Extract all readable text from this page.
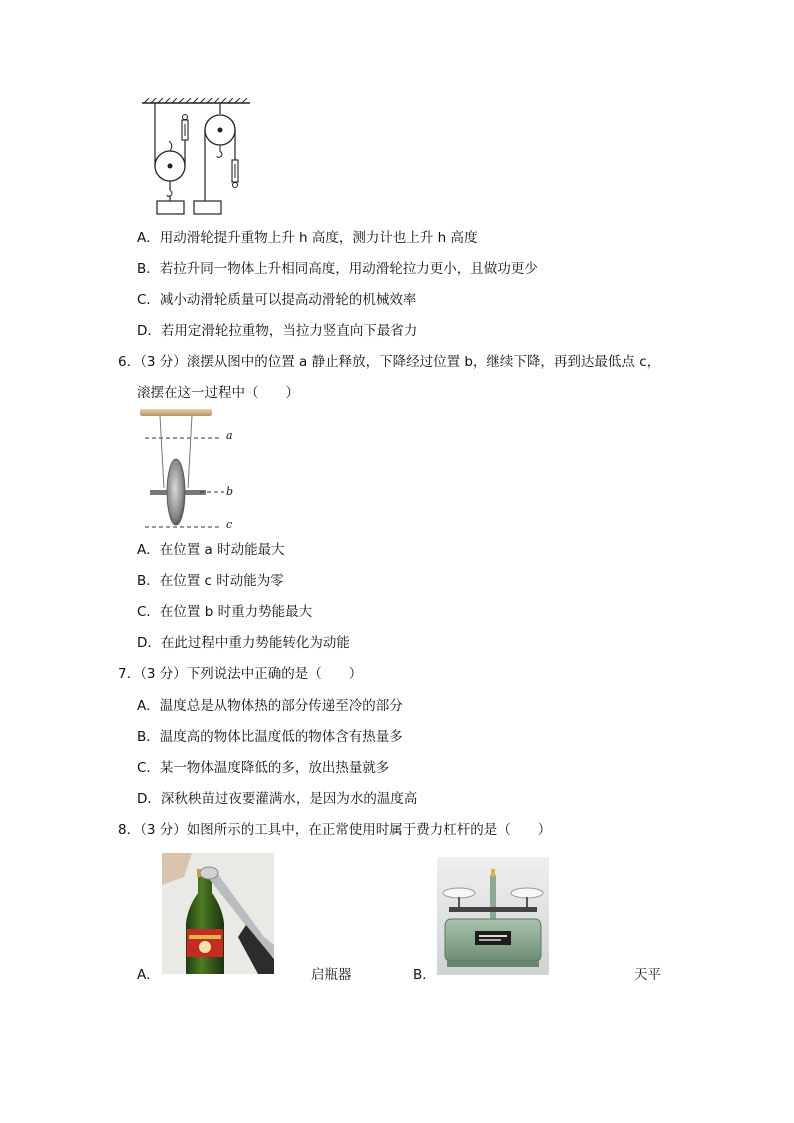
A．用动滑轮提升重物上升 h 高度，测力计也上升 h 高度
B．若拉升同一物体上升相同高度，用动滑轮拉力更小，且做功更少
C．减小动滑轮质量可以提高动滑轮的机械效率
D．若用定滑轮拉重物，当拉力竖直向下最省力
6．（3 分）滚摆从图中的位置 a 静止释放，下降经过位置 b，继续下降，再到达最低点 c，
滚摆在这一过程中（　　）
a
b
c
A．在位置 a 时动能最大
B．在位置 c 时动能为零
C．在位置 b 时重力势能最大
D．在此过程中重力势能转化为动能
7．（3 分）下列说法中正确的是（　　）
A．温度总是从物体热的部分传递至冷的部分
B．温度高的物体比温度低的物体含有热量多
C．某一物体温度降低的多，放出热量就多
D．深秋秧苗过夜要灌满水，是因为水的温度高
8．（3 分）如图所示的工具中，在正常使用时属于费力杠杆的是（　　）
A．	启瓶器	B．	天平
